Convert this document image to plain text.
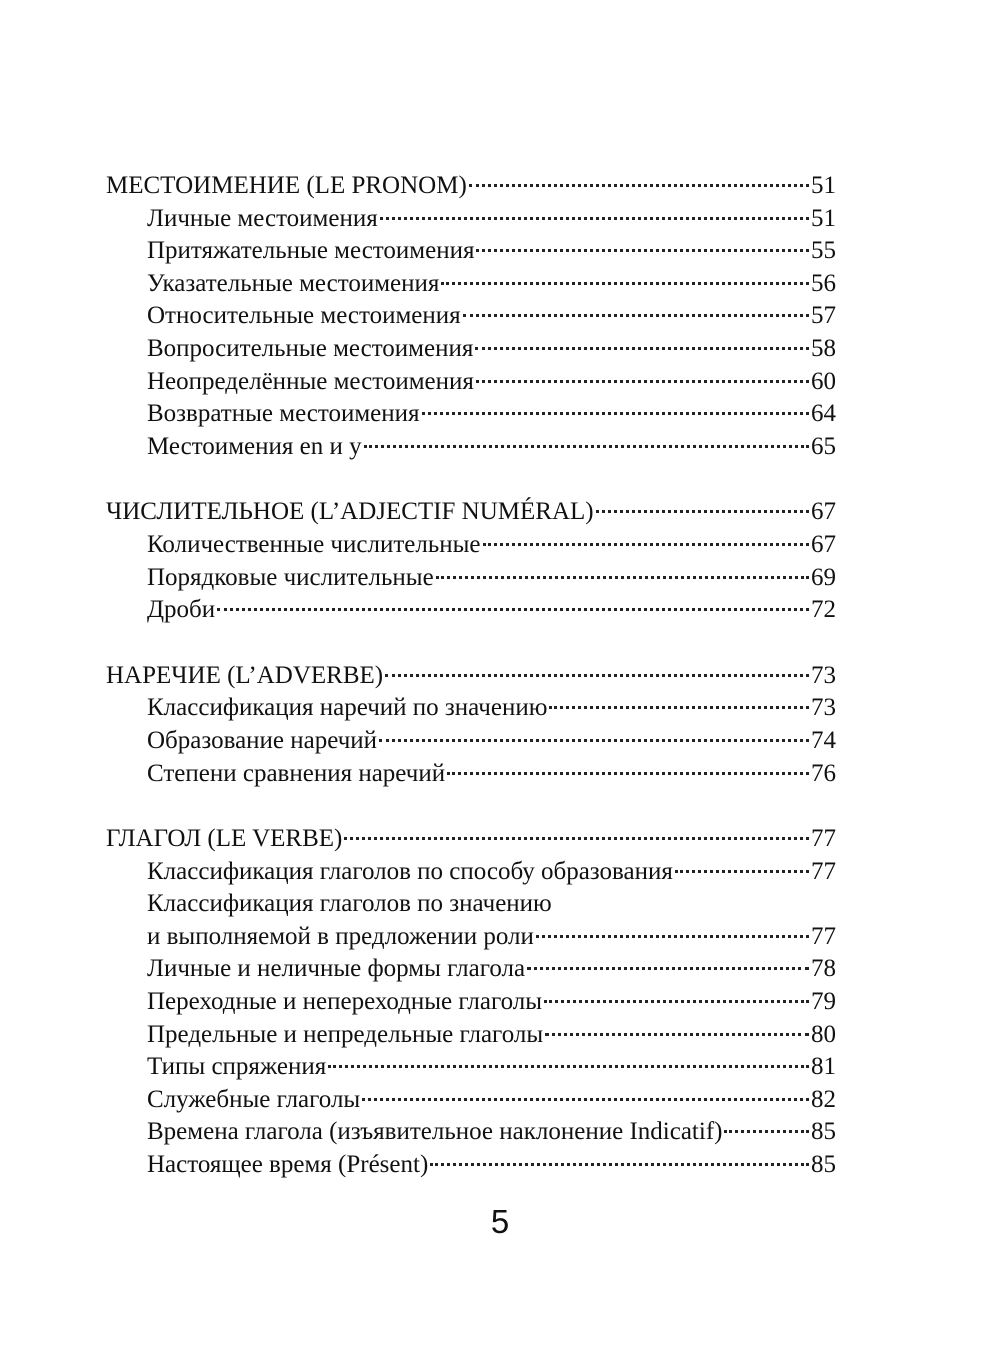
МЕСТОИМЕНИЕ (LE PRONOM)	51
Личные местоимения	51
Притяжательные местоимения	55
Указательные местоимения	56
Относительные местоимения	57
Вопросительные местоимения	58
Неопределённые местоимения	60
Возвратные местоимения	64
Местоимения en и y	65
ЧИСЛИТЕЛЬНОЕ (L’ADJECTIF NUMÉRAL)	67
Количественные числительные	67
Порядковые числительные	69
Дроби	72
НАРЕЧИЕ (L’ADVERBE)	73
Классификация наречий по значению	73
Образование наречий	74
Степени сравнения наречий	76
ГЛАГОЛ (LE VERBE)	77
Классификация глаголов по способу образования	77
Классификация глаголов по значению
и выполняемой в предложении роли	77
Личные и неличные формы глагола	78
Переходные и непереходные глаголы	79
Предельные и непредельные глаголы	80
Типы спряжения	81
Служебные глаголы	82
Времена глагола (изъявительное наклонение Indicatif)	85
Настоящее время (Présent)	85
5
